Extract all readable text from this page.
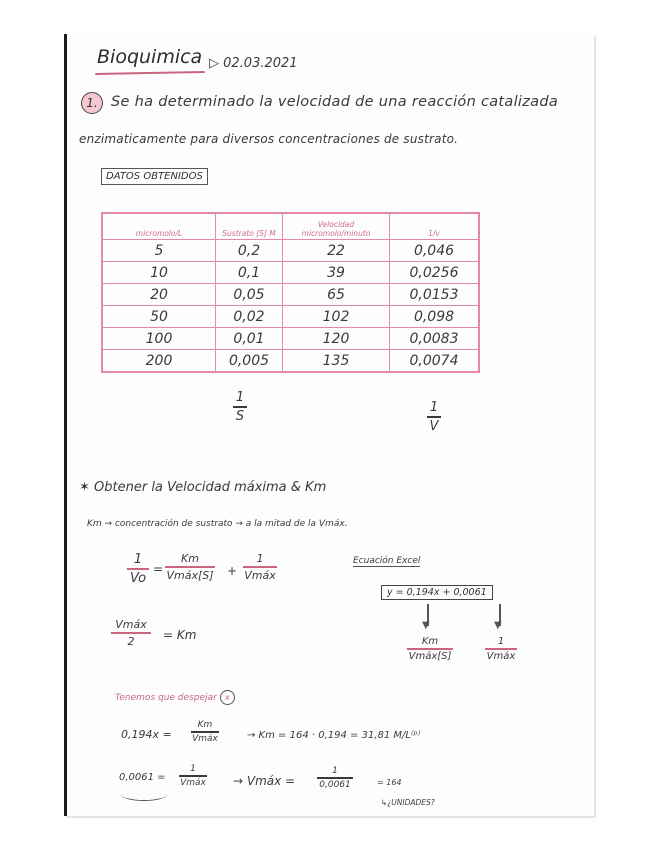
Bioquimica ▷ 02.03.2021
1. Se ha determinado la velocidad de una reacción catalizada
enzimaticamente para diversos concentraciones de sustrato.
DATOS OBTENIDOS
micromolo/L	Sustrato [S] M	Velocidad micromolo/minuto	1/v
5	0,2	22	0,046
10	0,1	39	0,0256
20	0,05	65	0,0153
50	0,02	102	0,098
100	0,01	120	0,0083
200	0,005	135	0,0074
1
S
1
V
✶ Obtener la Velocidad máxima & Km
Km → concentración de sustrato → a la mitad de la Vmáx.
1
Vo
=
Km
Vmáx[S] +
1
Vmáx
Vmáx
2 = Km
Ecuación Excel
y = 0,194x + 0,0061
▼	▼
Km
Vmáx[S]
1
Vmáx
Tenemos que despejar x
0,194x =
Km
Vmáx	→ Km = 164 · 0,194 = 31,81 M/L⁽ᵖ⁾
0,0061 =
1
Vmáx → Vmáx =
1
0,0061	= 164
↳¿UNIDADES?
